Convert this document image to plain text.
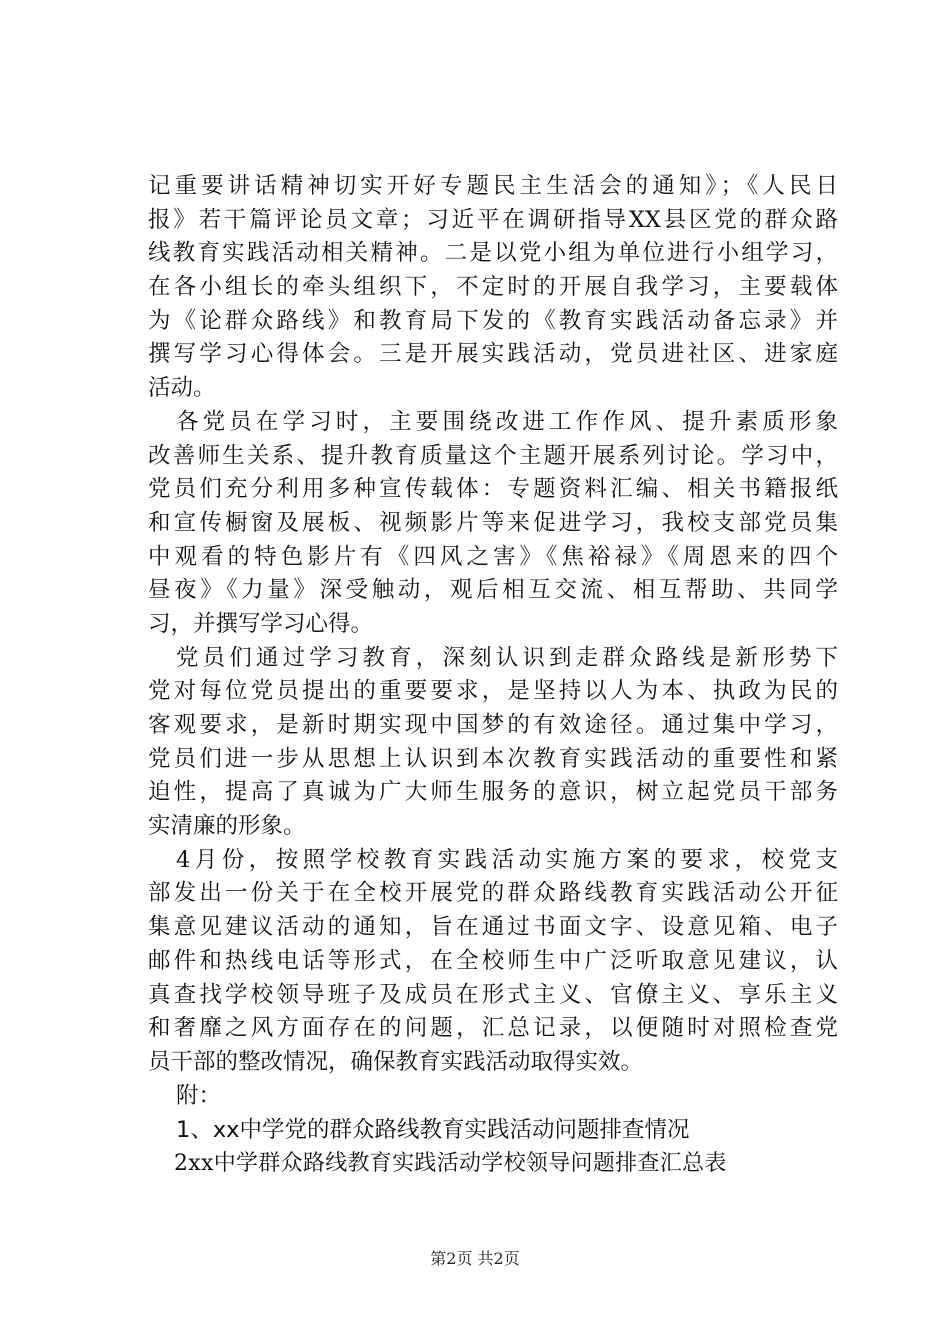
记重要讲话精神切实开好专题民主生活会的通知》；《人民日
报》若干篇评论员文章；习近平在调研指导XX县区党的群众路
线教育实践活动相关精神。二是以党小组为单位进行小组学习，
在各小组长的牵头组织下，不定时的开展自我学习，主要载体
为《论群众路线》和教育局下发的《教育实践活动备忘录》并
撰写学习心得体会。三是开展实践活动，党员进社区、进家庭
活动。
各党员在学习时，主要围绕改进工作作风、提升素质形象
改善师生关系、提升教育质量这个主题开展系列讨论。学习中，
党员们充分利用多种宣传载体：专题资料汇编、相关书籍报纸
和宣传橱窗及展板、视频影片等来促进学习，我校支部党员集
中观看的特色影片有《四风之害》《焦裕禄》《周恩来的四个
昼夜》《力量》深受触动，观后相互交流、相互帮助、共同学
习，并撰写学习心得。
党员们通过学习教育，深刻认识到走群众路线是新形势下
党对每位党员提出的重要要求，是坚持以人为本、执政为民的
客观要求，是新时期实现中国梦的有效途径。通过集中学习，
党员们进一步从思想上认识到本次教育实践活动的重要性和紧
迫性，提高了真诚为广大师生服务的意识，树立起党员干部务
实清廉的形象。
4月份，按照学校教育实践活动实施方案的要求，校党支
部发出一份关于在全校开展党的群众路线教育实践活动公开征
集意见建议活动的通知，旨在通过书面文字、设意见箱、电子
邮件和热线电话等形式，在全校师生中广泛听取意见建议，认
真查找学校领导班子及成员在形式主义、官僚主义、享乐主义
和奢靡之风方面存在的问题，汇总记录，以便随时对照检查党
员干部的整改情况，确保教育实践活动取得实效。
附：
1、xx中学党的群众路线教育实践活动问题排查情况
2xx中学群众路线教育实践活动学校领导问题排查汇总表
第2页 共2页
